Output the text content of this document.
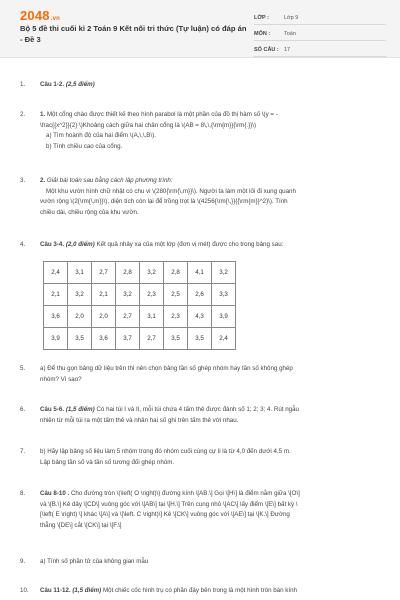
2048.vn
Bộ 5 đề thi cuối kì 2 Toán 9 Kết nối tri thức (Tự luận) có đáp án - Đề 3
LỚP :	Lớp 9
MÔN :	Toán
SỐ CÂU : 17
1. Câu 1-2. (2,5 điểm)
2. 1. Một cổng chào được thiết kế theo hình parabol là một phần của đồ thị hàm số \(y = -
\frac{{x^2}}{2} \)Khoảng cách giữa hai chân cổng là \(AB = 8\,\,{\rm{m}}{\rm{.}}\)
a) Tìm hoành độ của hai điểm \(A,\,\,B\).
b) Tính chiều cao của cổng.
3. 2. Giải bài toán sau bằng cách lập phương trình:
Một khu vườn hình chữ nhật có chu vi \(280{\rm{\,m}}\). Người ta làm một lối đi xung quanh
vườn rộng \(2{\rm{\,m}}\), diện tích còn lại để trồng trọt là \(4256{\rm{\,}}{{\rm{m}}^2}\). Tính
chiều dài, chiều rộng của khu vườn.
4. Câu 3-4. (2,0 điểm) Kết quả nhảy xa của một lớp (đơn vị mét) được cho trong bảng sau:
2,4	3,1	2,7	2,8	3,2	2,8	4,1	3,2
2,1	3,2	2,1	3,2	2,3	2,5	2,6	3,3
3,6	2,0	2,0	2,7	3,1	2,3	4,3	3,9
3,9	3,5	3,6	3,7	2,7	3,5	3,5	2,4
5. a) Để thu gọn bảng dữ liệu trên thì nên chọn bảng tần số ghép nhóm hay tần số không ghép
nhóm? Vì sao?
6. Câu 5-6. (1,5 điểm) Có hai túi I và II, mỗi túi chứa 4 tấm thẻ được đánh số 1; 2; 3; 4. Rút ngẫu
nhiên từ mỗi túi ra một tấm thẻ và nhân hai số ghi trên tấm thẻ với nhau.
7. b) Hãy lập bảng số liệu làm 5 nhóm trong đó nhóm cuối cùng cự li là từ 4,0 đến dưới 4,5 m.
Lập bảng tần số và tần số tương đối ghép nhóm.
8. Câu 8-10 . Cho đường tròn \(\left( O \right)\) đường kính \[AB.\] Gọi \[H\] là điểm nằm giữa \[O\]
và \[B.\] Kẻ dây \[CD\] vuông góc với \[AB\] tại \[H.\] Trên cung nhỏ \[AC\] lấy điểm \[E\] bất kỳ \
[\left( E \right) \] khác \[A\] và \[\left. C \right)\] Kẻ \[CK\] vuông góc với \[AE\] tại \[K.\] Đường
thẳng \[DE\] cắt \[CK\] tại \[F.\]
9. a) Tính số phần tử của không gian mẫu
10. Câu 11-12. (1,5 điểm) Một chiếc cốc hình trụ có phần đáy bên trong là một hình tròn bán kính
